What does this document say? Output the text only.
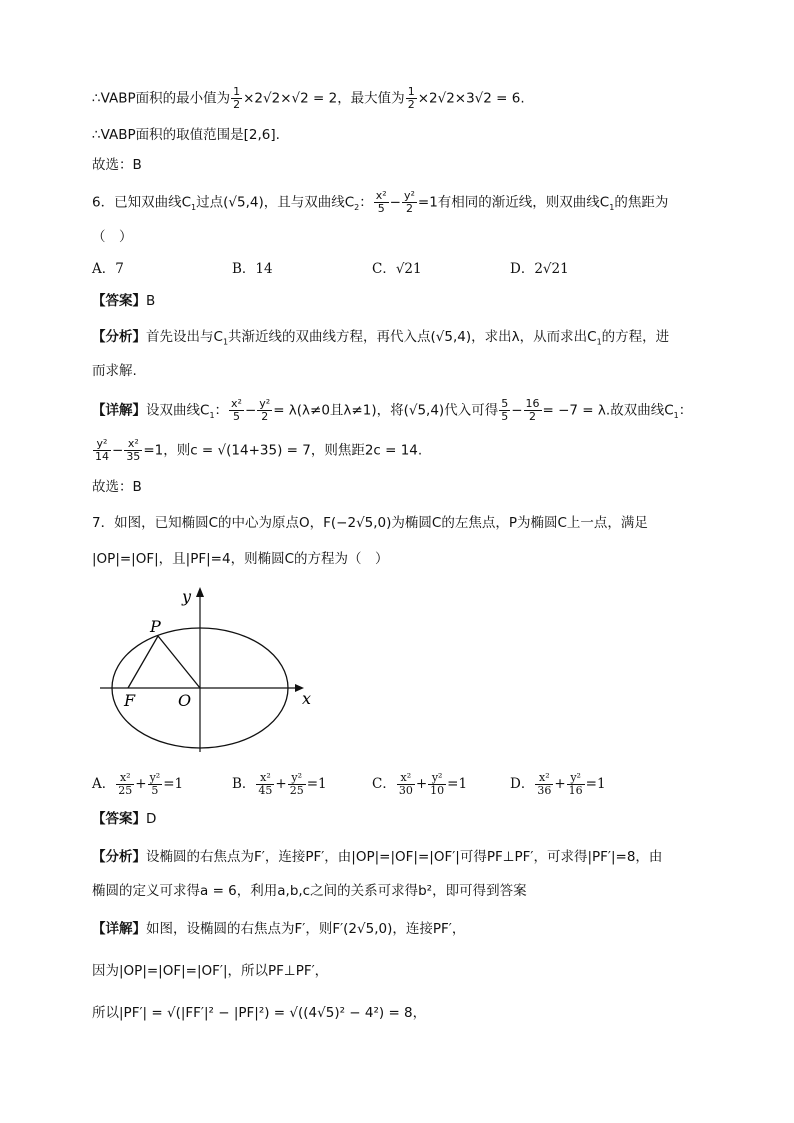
∴VABP面积的最小值为 $\frac{1}{2} \times 2√2\times√2 = 2$，最大值为 $\frac{1}{2} \times 2√2\times 3√2 = 6$.
∴VABP面积的取值范围是[2,6].
故选：B
6．已知双曲线$C_1$过点(√5,4)，且与双曲线$C_2$： $\frac{\text{x²}}{5} - \frac{\text{y²}}{2} =1$有相同的渐近线，则双曲线$C_1$的焦距为
（　）
A．7	B．14	C．√21	D．2√21
【答案】B
【分析】首先设出与$C_1$共渐近线的双曲线方程，再代入点(√5,4)，求出λ，从而求出$C_1$的方程，进
而求解.
【详解】设双曲线$C_1$： $\frac{\text{x²}}{5} - \frac{\text{y²}}{2} = \lambda(\lambda\ne 0$且λ≠1)，将(√5,4)代入可得 $\frac{5}{5} - \frac{16}{2} = -7 = \lambda$.故双曲线$C_1$：
$\frac{\text{y²}}{14} - \frac{\text{x²}}{35} =1$，则c = √(14+35) = 7，则焦距2c = 14.
故选：B
7．如图，已知椭圆C的中心为原点O，F(−2√5,0)为椭圆C的左焦点，P为椭圆C上一点，满足
|OP|=|OF|，且|PF|=4，则椭圆C的方程为（　）
y
x
P
F	O
A． $\frac{\text{x²}}{25} + \frac{\text{y²}}{5} =1$	B． $\frac{\text{x²}}{45} + \frac{\text{y²}}{25} =1$	C． $\frac{\text{x²}}{30} + \frac{\text{y²}}{10} =1$	D． $\frac{\text{x²}}{36} + \frac{\text{y²}}{16} =1$
【答案】D
【分析】设椭圆的右焦点为F′，连接PF′，由|OP|=|OF|=|OF′|可得PF⊥PF′，可求得|PF′|=8，由
椭圆的定义可求得a = 6，利用a,b,c之间的关系可求得b²，即可得到答案
【详解】如图，设椭圆的右焦点为F′，则F′(2√5,0)，连接PF′，
因为|OP|=|OF|=|OF′|，所以PF⊥PF′，
所以|PF′| = √(|FF′|² − |PF|²) = √((4√5)² − 4²) = 8，
